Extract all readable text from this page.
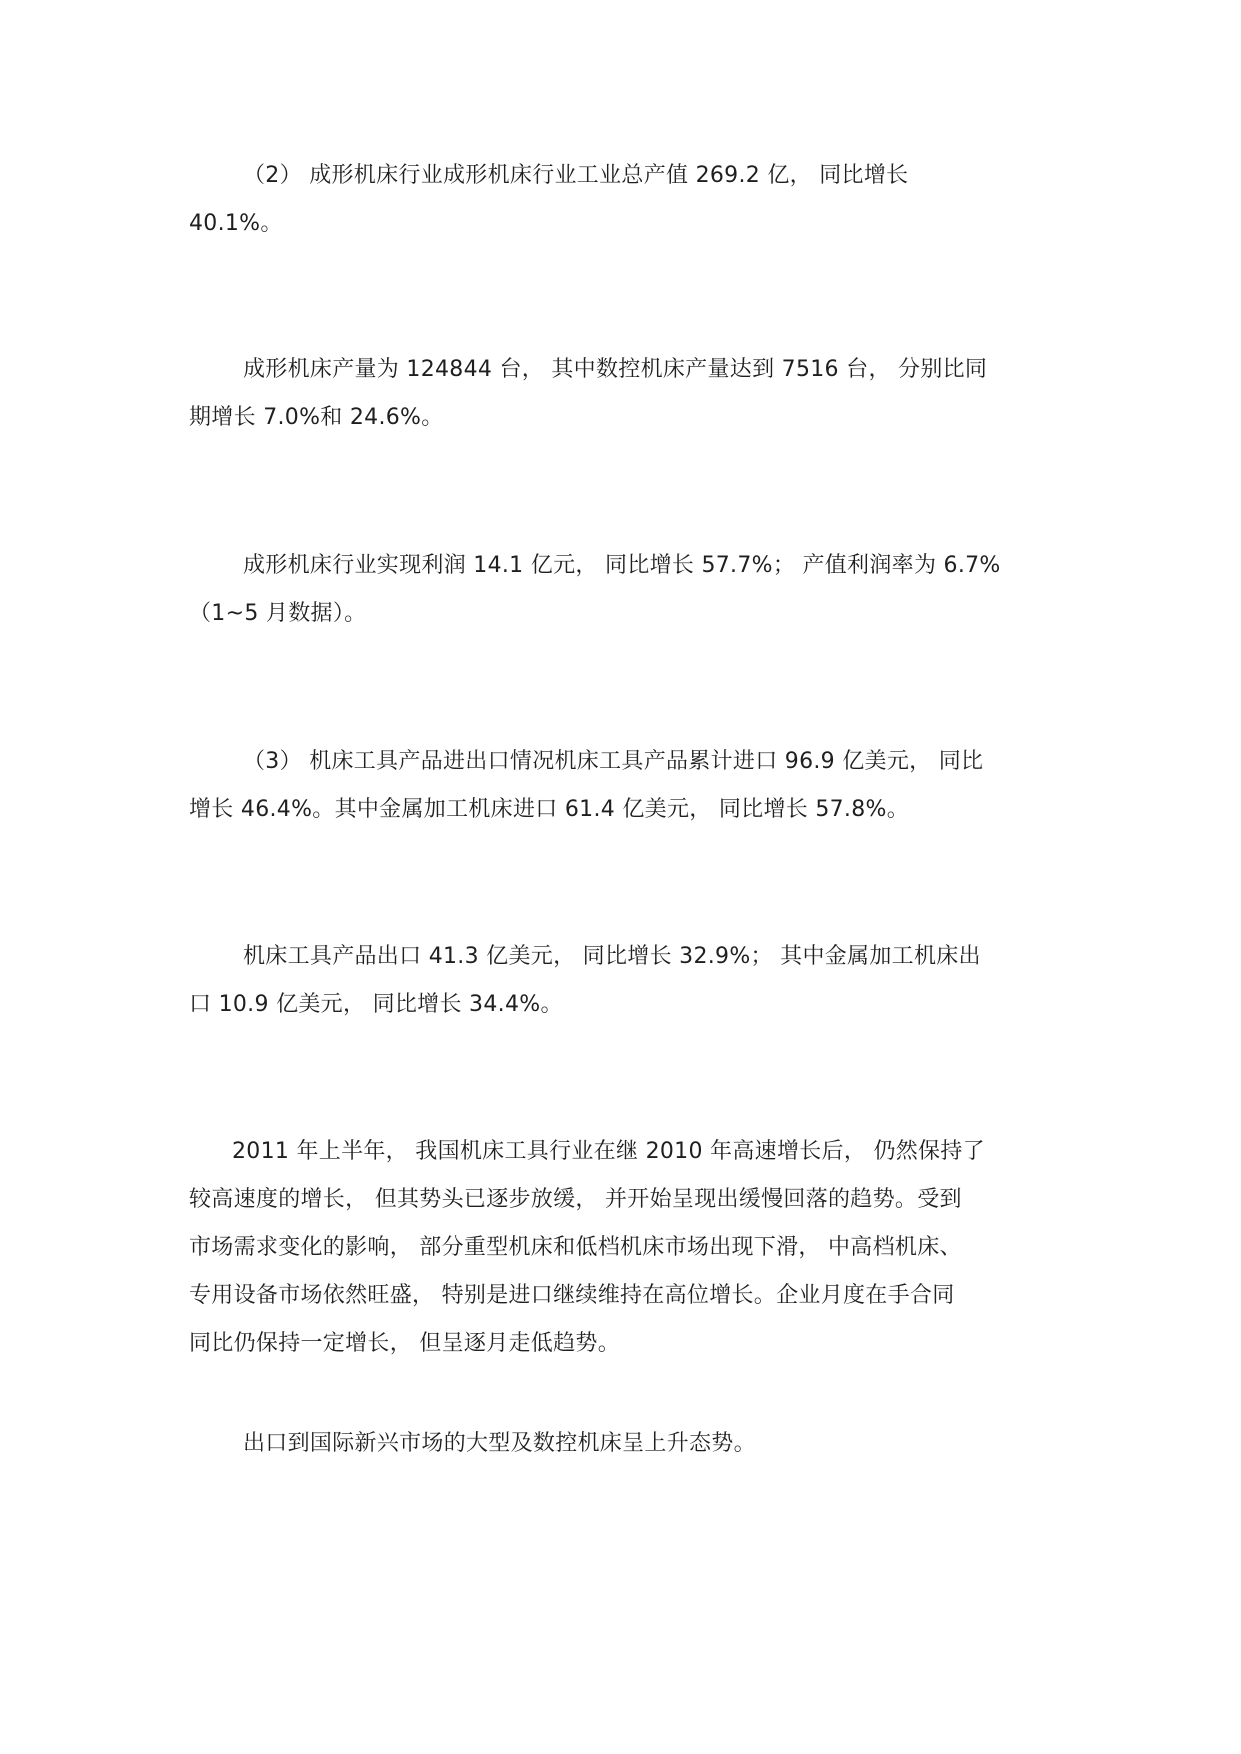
（2） 成形机床行业成形机床行业工业总产值 269.2 亿， 同比增长
40.1%。

成形机床产量为 124844 台， 其中数控机床产量达到 7516 台， 分别比同
期增长 7.0%和 24.6%。

成形机床行业实现利润 14.1 亿元， 同比增长 57.7%； 产值利润率为 6.7%
（1~5 月数据）。

（3） 机床工具产品进出口情况机床工具产品累计进口 96.9 亿美元， 同比
增长 46.4%。其中金属加工机床进口 61.4 亿美元， 同比增长 57.8%。

机床工具产品出口 41.3 亿美元， 同比增长 32.9%； 其中金属加工机床出
口 10.9 亿美元， 同比增长 34.4%。

2011 年上半年， 我国机床工具行业在继 2010 年高速增长后， 仍然保持了
较高速度的增长， 但其势头已逐步放缓， 并开始呈现出缓慢回落的趋势。受到
市场需求变化的影响， 部分重型机床和低档机床市场出现下滑， 中高档机床、
专用设备市场依然旺盛， 特别是进口继续维持在高位增长。企业月度在手合同
同比仍保持一定增长， 但呈逐月走低趋势。

出口到国际新兴市场的大型及数控机床呈上升态势。
